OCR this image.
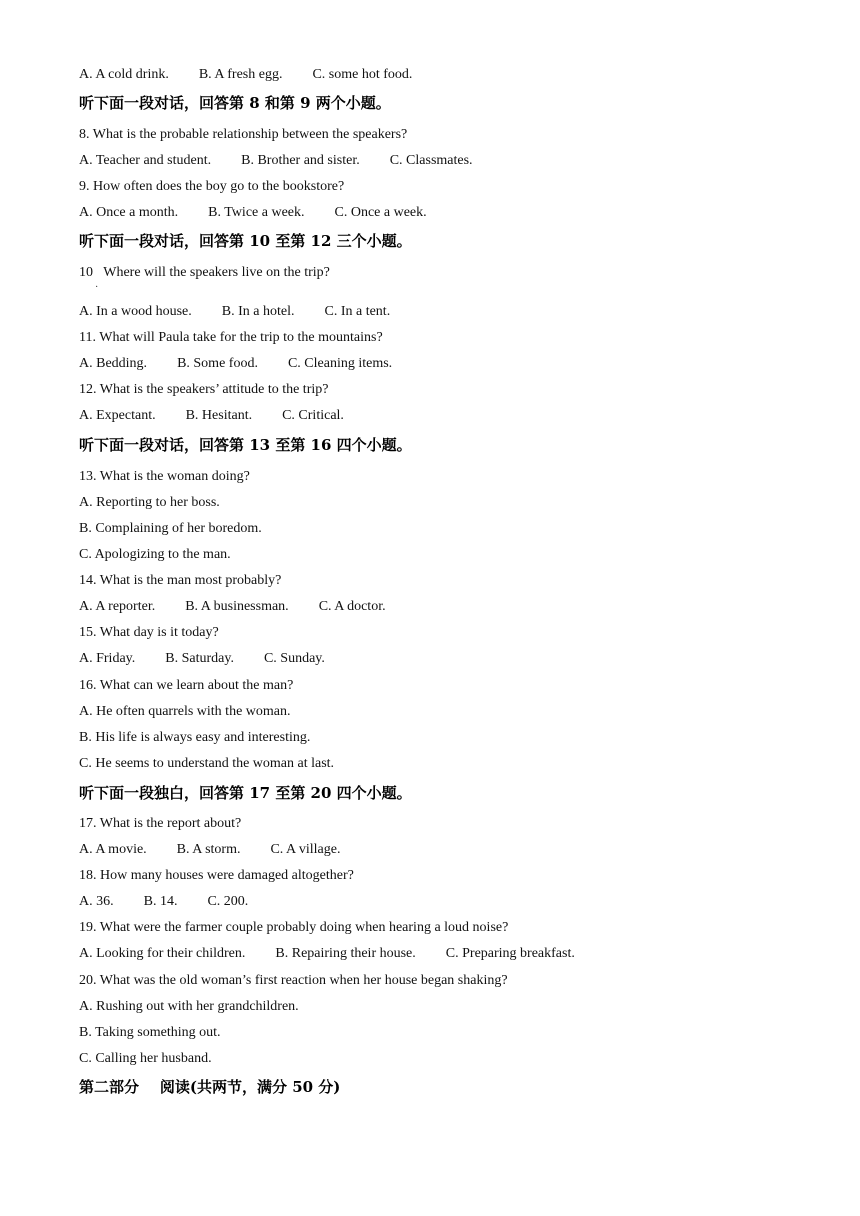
·
A. A cold drink. B. A fresh egg. C. some hot food.
听下面一段对话，回答第 8 和第 9 两个小题。
8. What is the probable relationship between the speakers?
A. Teacher and student. B. Brother and sister. C. Classmates.
9. How often does the boy go to the bookstore?
A. Once a month. B. Twice a week. C. Once a week.
听下面一段对话，回答第 10 至第 12 三个小题。
10   Where will the speakers live on the trip?
A. In a wood house. B. In a hotel. C. In a tent.
11. What will Paula take for the trip to the mountains?
A. Bedding. B. Some food. C. Cleaning items.
12. What is the speakers’ attitude to the trip?
A. Expectant. B. Hesitant. C. Critical.
听下面一段对话，回答第 13 至第 16 四个小题。
13. What is the woman doing?
A. Reporting to her boss.
B. Complaining of her boredom.
C. Apologizing to the man.
14. What is the man most probably?
A. A reporter. B. A businessman. C. A doctor.
15. What day is it today?
A. Friday. B. Saturday. C. Sunday.
16. What can we learn about the man?
A. He often quarrels with the woman.
B. His life is always easy and interesting.
C. He seems to understand the woman at last.
听下面一段独白，回答第 17 至第 20 四个小题。
17. What is the report about?
A. A movie. B. A storm. C. A village.
18. How many houses were damaged altogether?
A. 36. B. 14. C. 200.
19. What were the farmer couple probably doing when hearing a loud noise?
A. Looking for their children. B. Repairing their house. C. Preparing breakfast.
20. What was the old woman’s first reaction when her house began shaking?
A. Rushing out with her grandchildren.
B. Taking something out.
C. Calling her husband.
第二部分    阅读(共两节，满分 50 分)
